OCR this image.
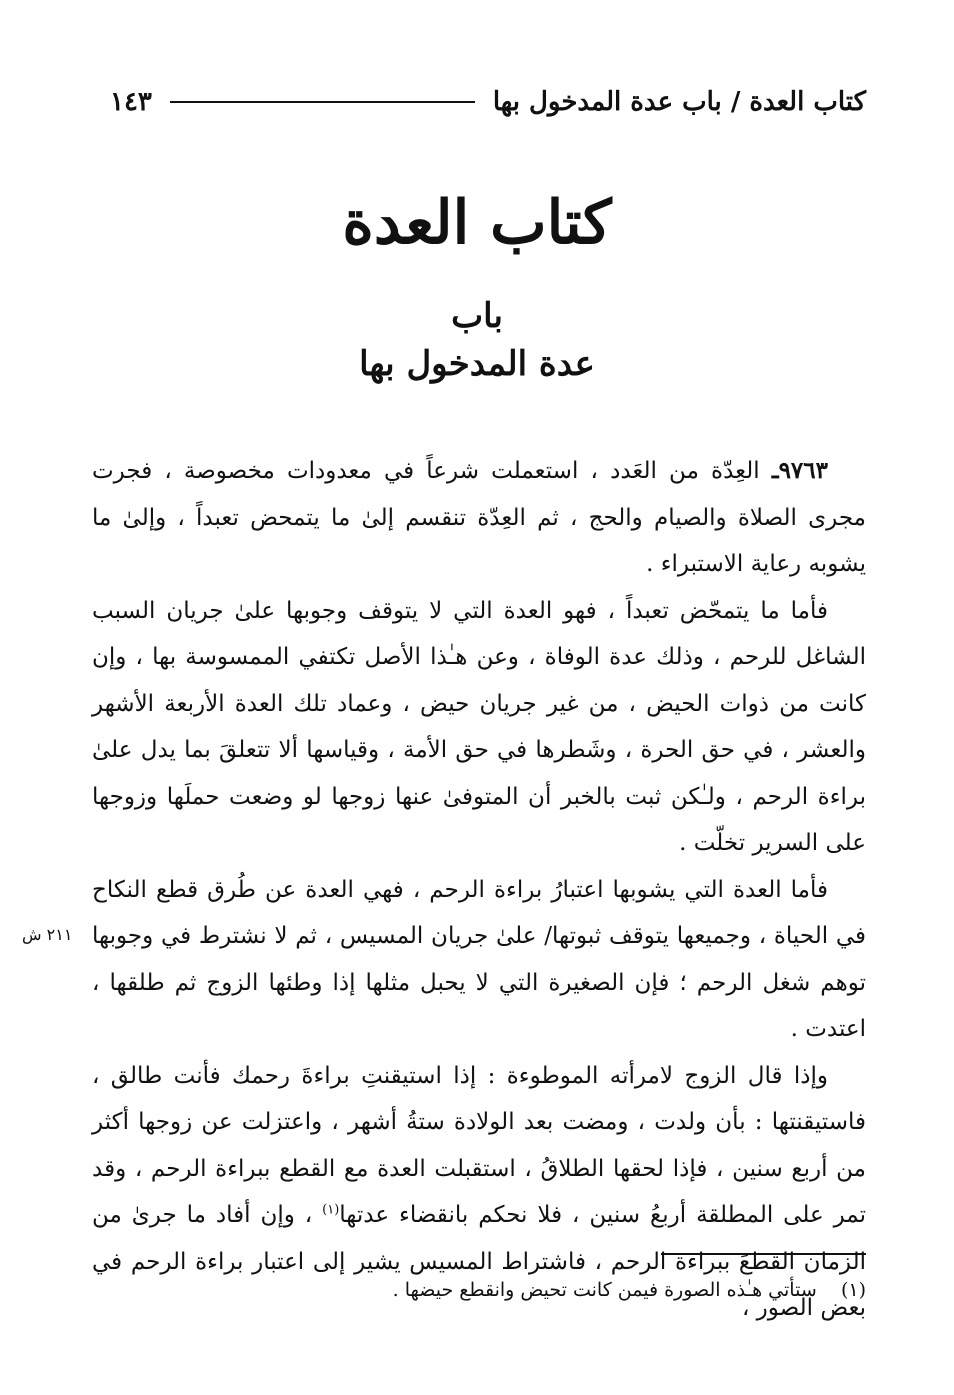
كتاب العدة / باب عدة المدخول بها
١٤٣
كتاب العدة
باب
عدة المدخول بها

٩٧٦٣ـ العِدّة من العَدد ، استعملت شرعاً في معدودات مخصوصة ، فجرت مجرى الصلاة والصيام والحج ، ثم العِدّة تنقسم إلىٰ ما يتمحض تعبداً ، وإلىٰ ما يشوبه رعاية الاستبراء .

فأما ما يتمحّض تعبداً ، فهو العدة التي لا يتوقف وجوبها علىٰ جريان السبب الشاغل للرحم ، وذلك عدة الوفاة ، وعن هـٰذا الأصل تكتفي الممسوسة بها ، وإن كانت من ذوات الحيض ، من غير جريان حيض ، وعماد تلك العدة الأربعة الأشهر والعشر ، في حق الحرة ، وشَطرها في حق الأمة ، وقياسها ألا تتعلقَ بما يدل علىٰ براءة الرحم ، ولـٰكن ثبت بالخبر أن المتوفىٰ عنها زوجها لو وضعت حملَها وزوجها على السرير تخلّت .

فأما العدة التي يشوبها اعتبارُ براءة الرحم ، فهي العدة عن طُرق قطع النكاح في الحياة ، وجميعها يتوقف ثبوتها/ علىٰ جريان المسيس ، ثم لا نشترط في وجوبها توهم شغل الرحم ؛ فإن الصغيرة التي لا يحبل مثلها إذا وطئها الزوج ثم طلقها ، اعتدت .

وإذا قال الزوج لامرأته الموطوءة : إذا استيقنتِ براءةَ رحمك فأنت طالق ، فاستيقنتها : بأن ولدت ، ومضت بعد الولادة ستةُ أشهر ، واعتزلت عن زوجها أكثر من أربع سنين ، فإذا لحقها الطلاقُ ، استقبلت العدة مع القطع ببراءة الرحم ، وقد تمر على المطلقة أربعُ سنين ، فلا نحكم بانقضاء عدتها$^{(١)}$ ، وإن أفاد ما جرىٰ من الزمان القطعَ ببراءة الرحم ، فاشتراط المسيس يشير إلى اعتبار براءة الرحم في بعض الصور ،

٢١١ ش
(١)    ستأتي هـٰذه الصورة فيمن كانت تحيض وانقطع حيضها .
